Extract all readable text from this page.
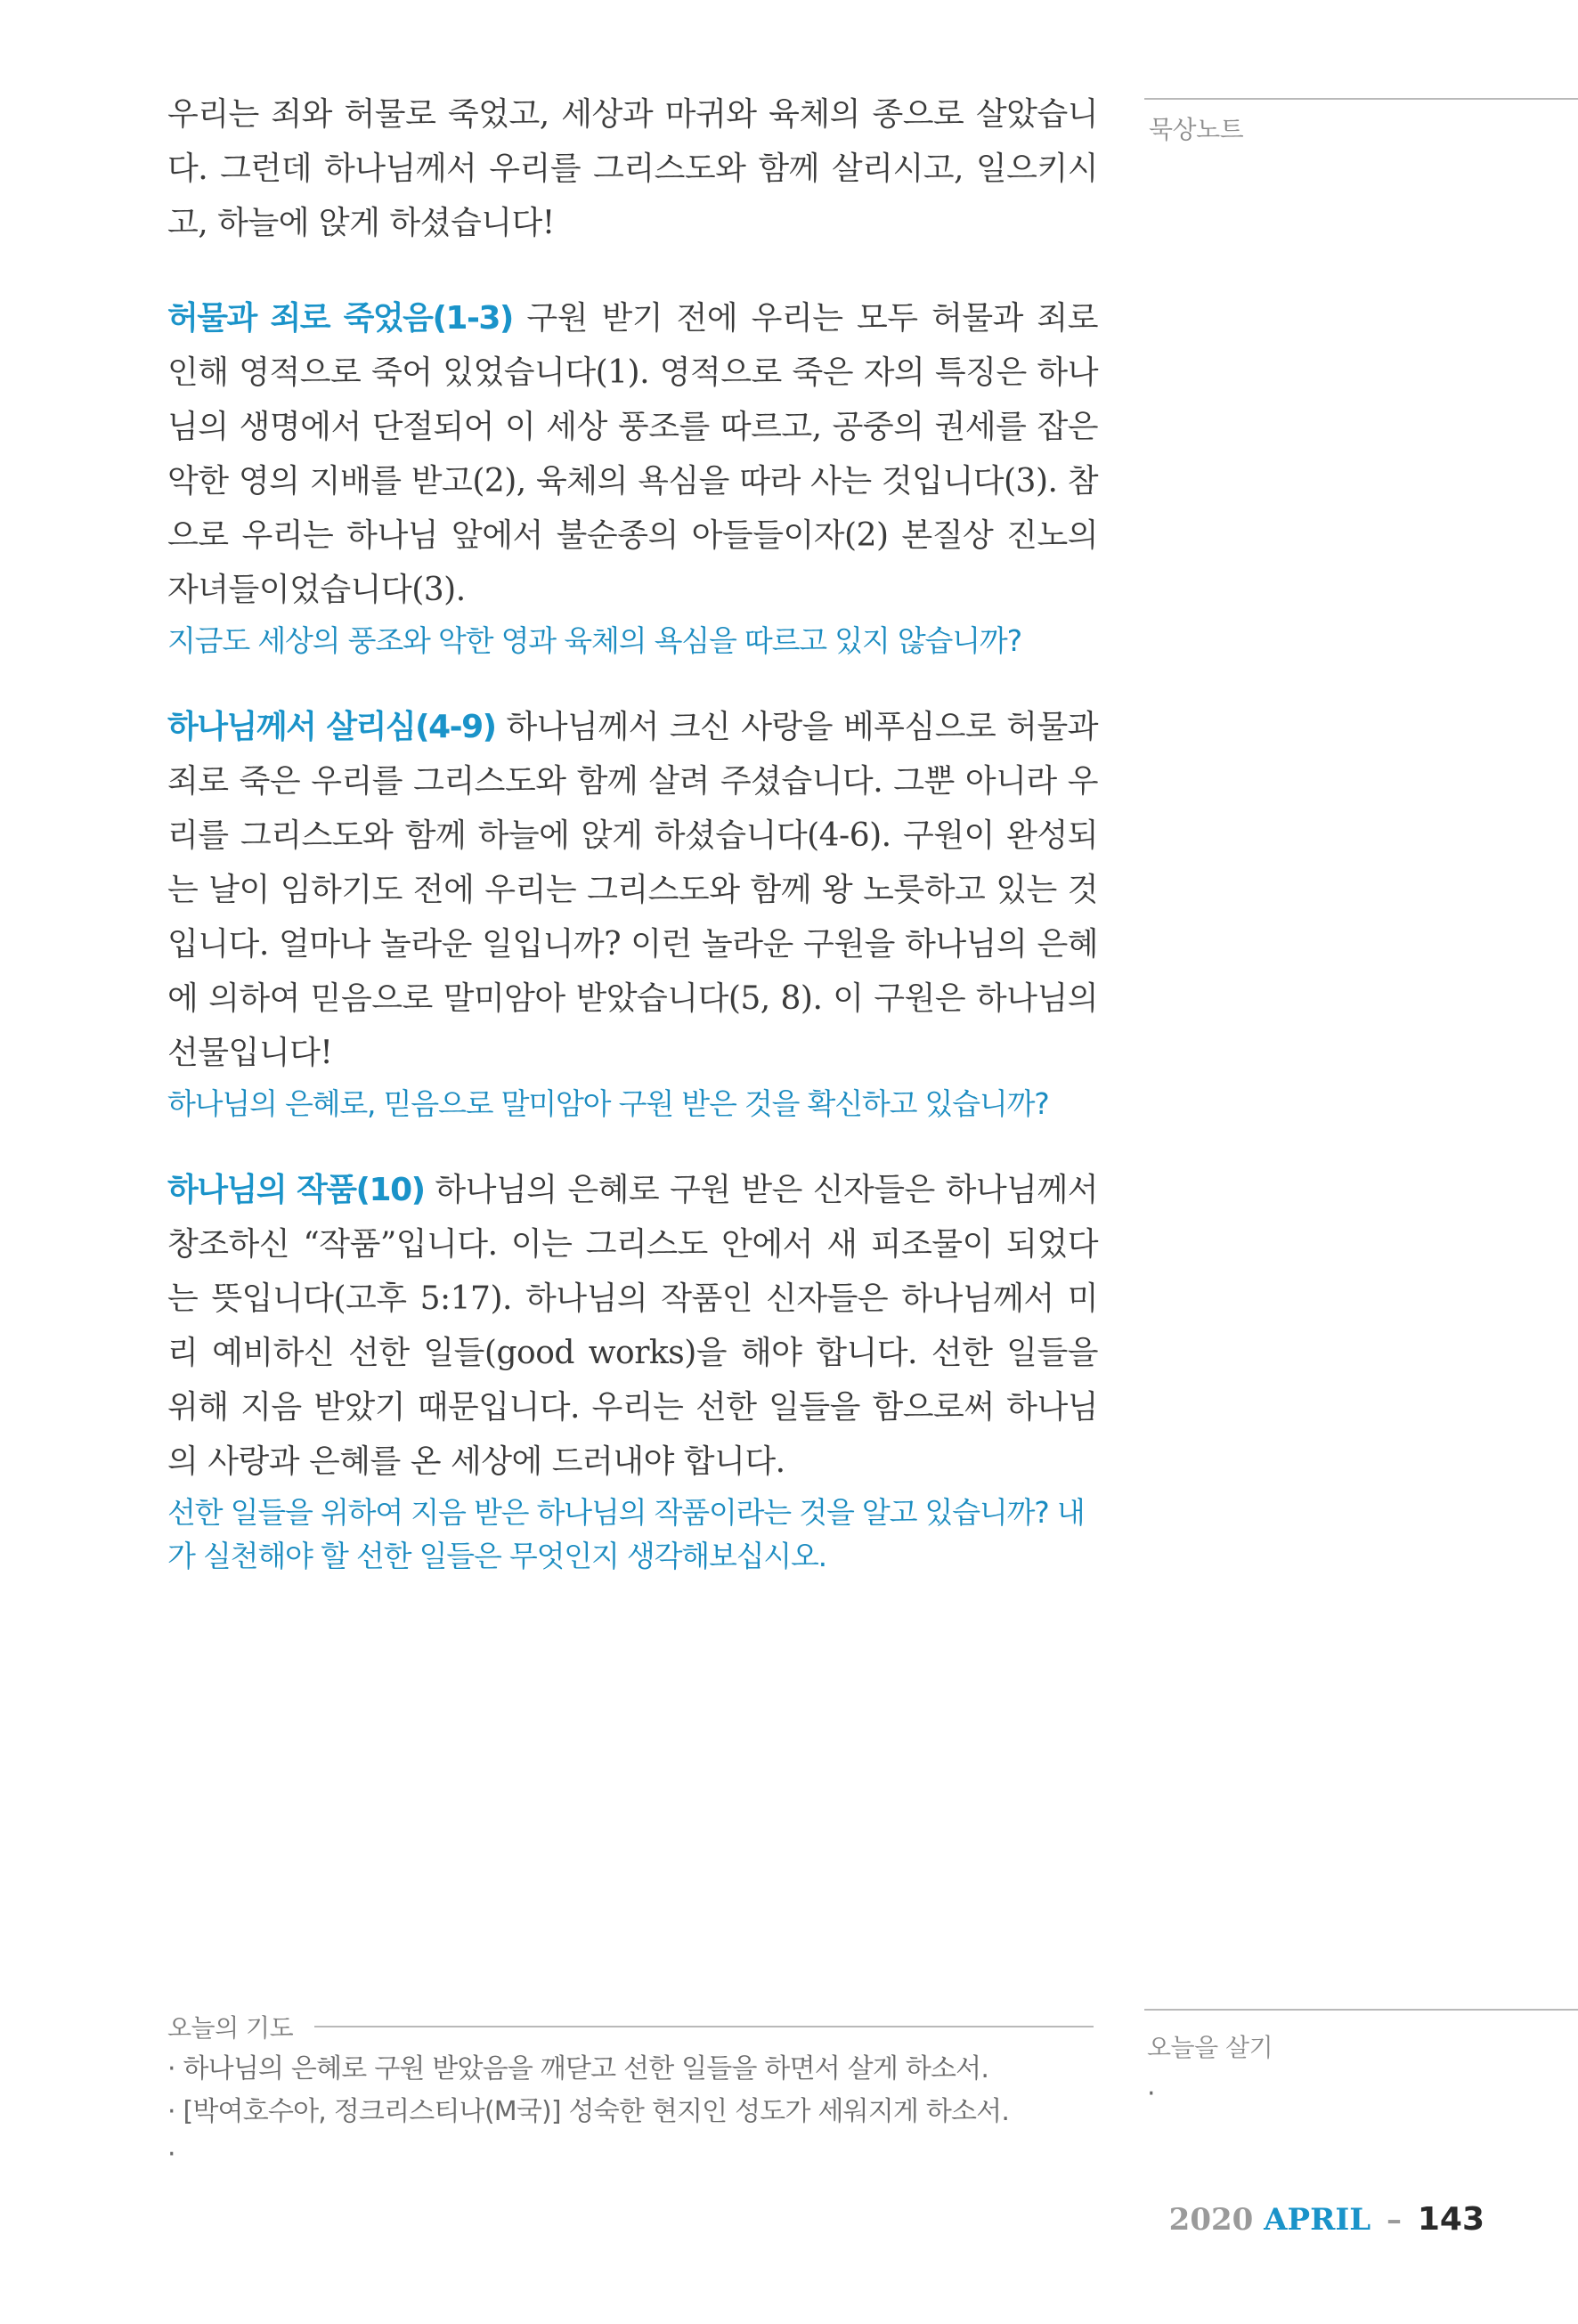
묵상노트

우리는 죄와 허물로 죽었고, 세상과 마귀와 육체의 종으로 살았습니다. 그런데 하나님께서 우리를 그리스도와 함께 살리시고, 일으키시고, 하늘에 앉게 하셨습니다!

허물과 죄로 죽었음(1-3) 구원 받기 전에 우리는 모두 허물과 죄로 인해 영적으로 죽어 있었습니다(1). 영적으로 죽은 자의 특징은 하나님의 생명에서 단절되어 이 세상 풍조를 따르고, 공중의 권세를 잡은 악한 영의 지배를 받고(2), 육체의 욕심을 따라 사는 것입니다(3). 참으로 우리는 하나님 앞에서 불순종의 아들들이자(2) 본질상 진노의 자녀들이었습니다(3).

지금도 세상의 풍조와 악한 영과 육체의 욕심을 따르고 있지 않습니까?

하나님께서 살리심(4-9) 하나님께서 크신 사랑을 베푸심으로 허물과 죄로 죽은 우리를 그리스도와 함께 살려 주셨습니다. 그뿐 아니라 우리를 그리스도와 함께 하늘에 앉게 하셨습니다(4-6). 구원이 완성되는 날이 임하기도 전에 우리는 그리스도와 함께 왕 노릇하고 있는 것입니다. 얼마나 놀라운 일입니까? 이런 놀라운 구원을 하나님의 은혜에 의하여 믿음으로 말미암아 받았습니다(5, 8). 이 구원은 하나님의 선물입니다!

하나님의 은혜로, 믿음으로 말미암아 구원 받은 것을 확신하고 있습니까?

하나님의 작품(10) 하나님의 은혜로 구원 받은 신자들은 하나님께서 창조하신 “작품”입니다. 이는 그리스도 안에서 새 피조물이 되었다는 뜻입니다(고후 5:17). 하나님의 작품인 신자들은 하나님께서 미리 예비하신 선한 일들(good works)을 해야 합니다. 선한 일들을 위해 지음 받았기 때문입니다. 우리는 선한 일들을 함으로써 하나님의 사랑과 은혜를 온 세상에 드러내야 합니다.

선한 일들을 위하여 지음 받은 하나님의 작품이라는 것을 알고 있습니까? 내가 실천해야 할 선한 일들은 무엇인지 생각해보십시오.

오늘의 기도
· 하나님의 은혜로 구원 받았음을 깨닫고 선한 일들을 하면서 살게 하소서.
· [박여호수아, 정크리스티나(M국)] 성숙한 현지인 성도가 세워지게 하소서.
·
오늘을 살기
·
2020 APRIL – 143
